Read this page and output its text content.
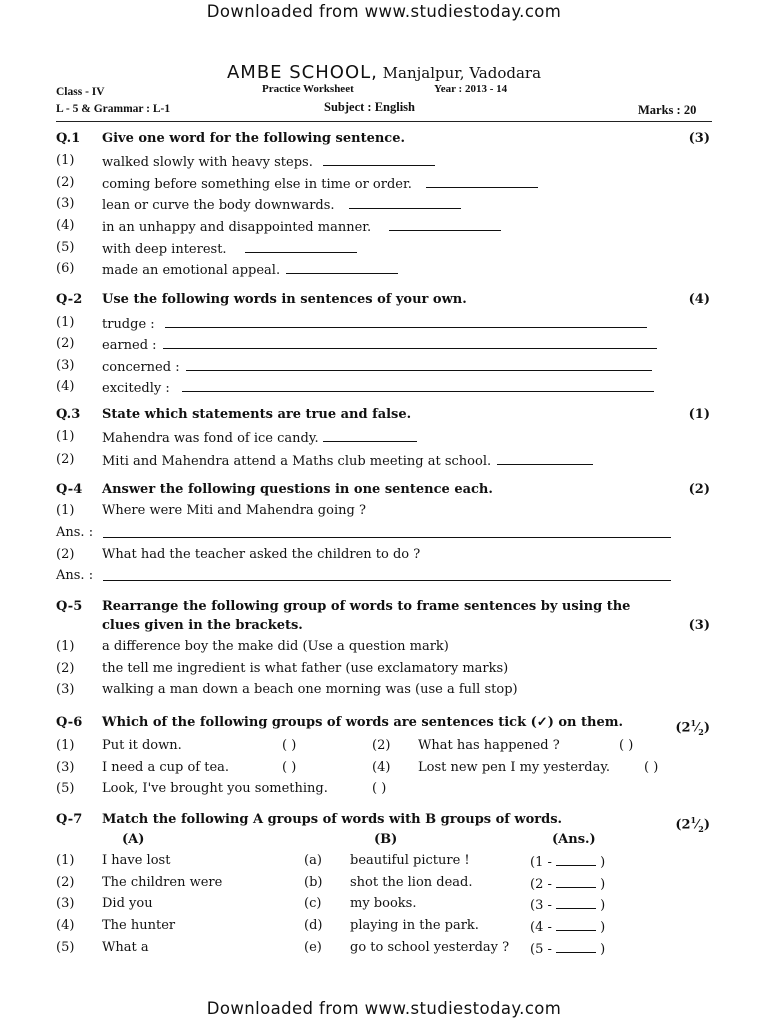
Downloaded from www.studiestoday.com
AMBE SCHOOL, Manjalpur, Vadodara
Class - IV	Practice Worksheet	Year : 2013 - 14
L - 5 & Grammar : L-1	Subject : English	Marks : 20
Q.1 Give one word for the following sentence.	(3)
(1) walked slowly with heavy steps.
(2) coming before something else in time or order.
(3) lean or curve the body downwards.
(4) in an unhappy and disappointed manner.
(5) with deep interest.
(6) made an emotional appeal.
Q-2 Use the following words in sentences of your own.	(4)
(1) trudge :
(2) earned :
(3) concerned :
(4) excitedly :
Q.3 State which statements are true and false.	(1)
(1) Mahendra was fond of ice candy.
(2) Miti and Mahendra attend a Maths club meeting at school.
Q-4 Answer the following questions in one sentence each.	(2)
(1) Where were Miti and Mahendra going ?
Ans. :
(2) What had the teacher asked the children to do ?
Ans. :
Q-5 Rearrange the following group of words to frame sentences by using the
clues given in the brackets.	(3)
(1) a difference boy the make did (Use a question mark)
(2) the tell me ingredient is what father (use exclamatory marks)
(3) walking a man down a beach one morning was (use a full stop)
Q-6 Which of the following groups of words are sentences tick (✓) on them.	$(2^1⁄_2)$
(1) Put it down.	( )	(2) What has happened ?	( )
(3) I need a cup of tea.	( )	(4) Lost new pen I my yesterday.	( )
(5) Look, I've brought you something.	( )
Q-7 Match the following A groups of words with B groups of words.	$(2^1⁄_2)$
(A)	(B)	(Ans.)
(1) I have lost	(a) beautiful picture !	(1 -	)
(2) The children were	(b) shot the lion dead.	(2 -	)
(3) Did you	(c) my books.	(3 -	)
(4) The hunter	(d) playing in the park.	(4 -	)
(5) What a	(e) go to school yesterday ? (5 -	)
Downloaded from www.studiestoday.com
